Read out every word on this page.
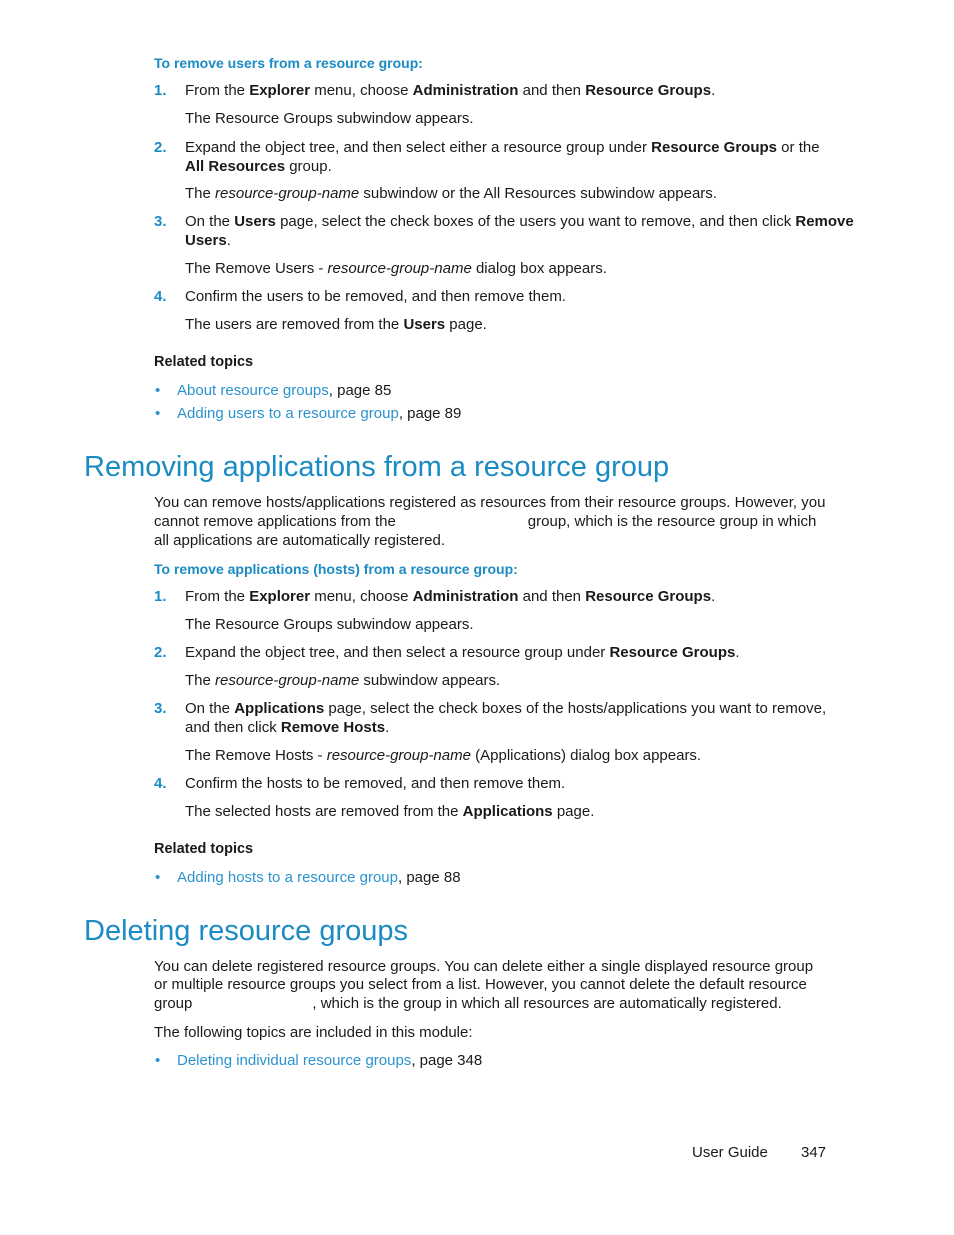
To remove users from a resource group:
1. From the Explorer menu, choose Administration and then Resource Groups.
The Resource Groups subwindow appears.
2. Expand the object tree, and then select either a resource group under Resource Groups or the
All Resources group.
The resource-group-name subwindow or the All Resources subwindow appears.
3. On the Users page, select the check boxes of the users you want to remove, and then click Remove
Users.
The Remove Users - resource-group-name dialog box appears.
4. Confirm the users to be removed, and then remove them.
The users are removed from the Users page.
Related topics
• About resource groups, page 85
• Adding users to a resource group, page 89
Removing applications from a resource group
You can remove hosts/applications registered as resources from their resource groups. However, you
cannot remove applications from the	group, which is the resource group in which
all applications are automatically registered.
To remove applications (hosts) from a resource group:
1. From the Explorer menu, choose Administration and then Resource Groups.
The Resource Groups subwindow appears.
2. Expand the object tree, and then select a resource group under Resource Groups.
The resource-group-name subwindow appears.
3. On the Applications page, select the check boxes of the hosts/applications you want to remove,
and then click Remove Hosts.
The Remove Hosts - resource-group-name (Applications) dialog box appears.
4. Confirm the hosts to be removed, and then remove them.
The selected hosts are removed from the Applications page.
Related topics
• Adding hosts to a resource group, page 88
Deleting resource groups
You can delete registered resource groups. You can delete either a single displayed resource group
or multiple resource groups you select from a list. However, you cannot delete the default resource
group	, which is the group in which all resources are automatically registered.
The following topics are included in this module:
• Deleting individual resource groups, page 348
User Guide 347
